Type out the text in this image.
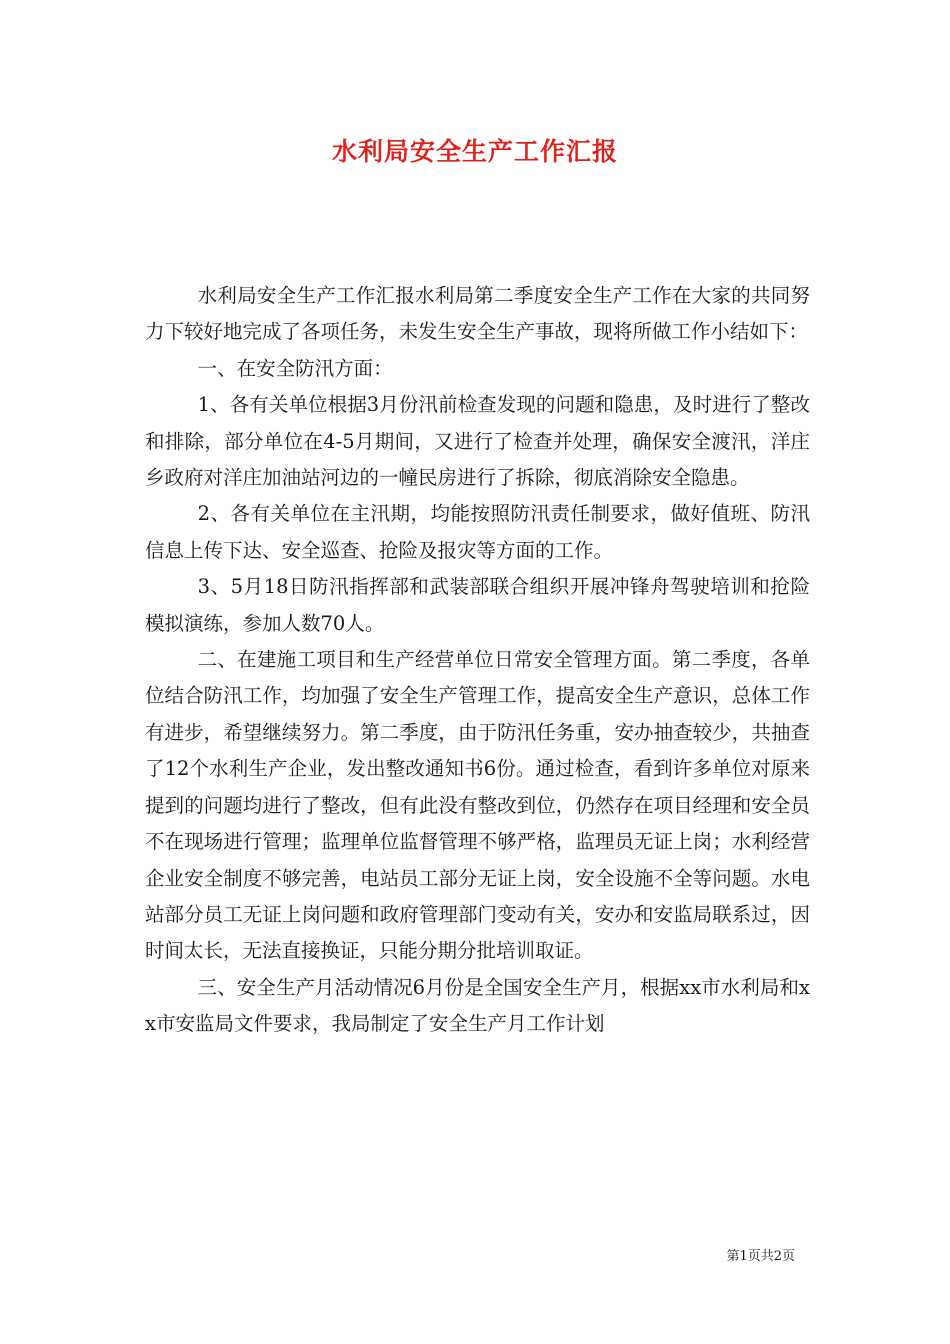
水利局安全生产工作汇报

水利局安全生产工作汇报水利局第二季度安全生产工作在大家的共同努力下较好地完成了各项任务，未发生安全生产事故，现将所做工作小结如下：

一、在安全防汛方面：

1、各有关单位根据3月份汛前检查发现的问题和隐患，及时进行了整改和排除，部分单位在4-5月期间，又进行了检查并处理，确保安全渡汛，洋庄乡政府对洋庄加油站河边的一幢民房进行了拆除，彻底消除安全隐患。

2、各有关单位在主汛期，均能按照防汛责任制要求，做好值班、防汛信息上传下达、安全巡查、抢险及报灾等方面的工作。

3、5月18日防汛指挥部和武装部联合组织开展冲锋舟驾驶培训和抢险模拟演练，参加人数70人。

二、在建施工项目和生产经营单位日常安全管理方面。第二季度，各单位结合防汛工作，均加强了安全生产管理工作，提高安全生产意识，总体工作有进步，希望继续努力。第二季度，由于防汛任务重，安办抽查较少，共抽查了12个水利生产企业，发出整改通知书6份。通过检查，看到许多单位对原来提到的问题均进行了整改，但有此没有整改到位，仍然存在项目经理和安全员不在现场进行管理；监理单位监督管理不够严格，监理员无证上岗；水利经营企业安全制度不够完善，电站员工部分无证上岗，安全设施不全等问题。水电站部分员工无证上岗问题和政府管理部门变动有关，安办和安监局联系过，因时间太长，无法直接换证，只能分期分批培训取证。

三、安全生产月活动情况6月份是全国安全生产月，根据xx市水利局和xx市安监局文件要求，我局制定了安全生产月工作计划

第1页共2页
